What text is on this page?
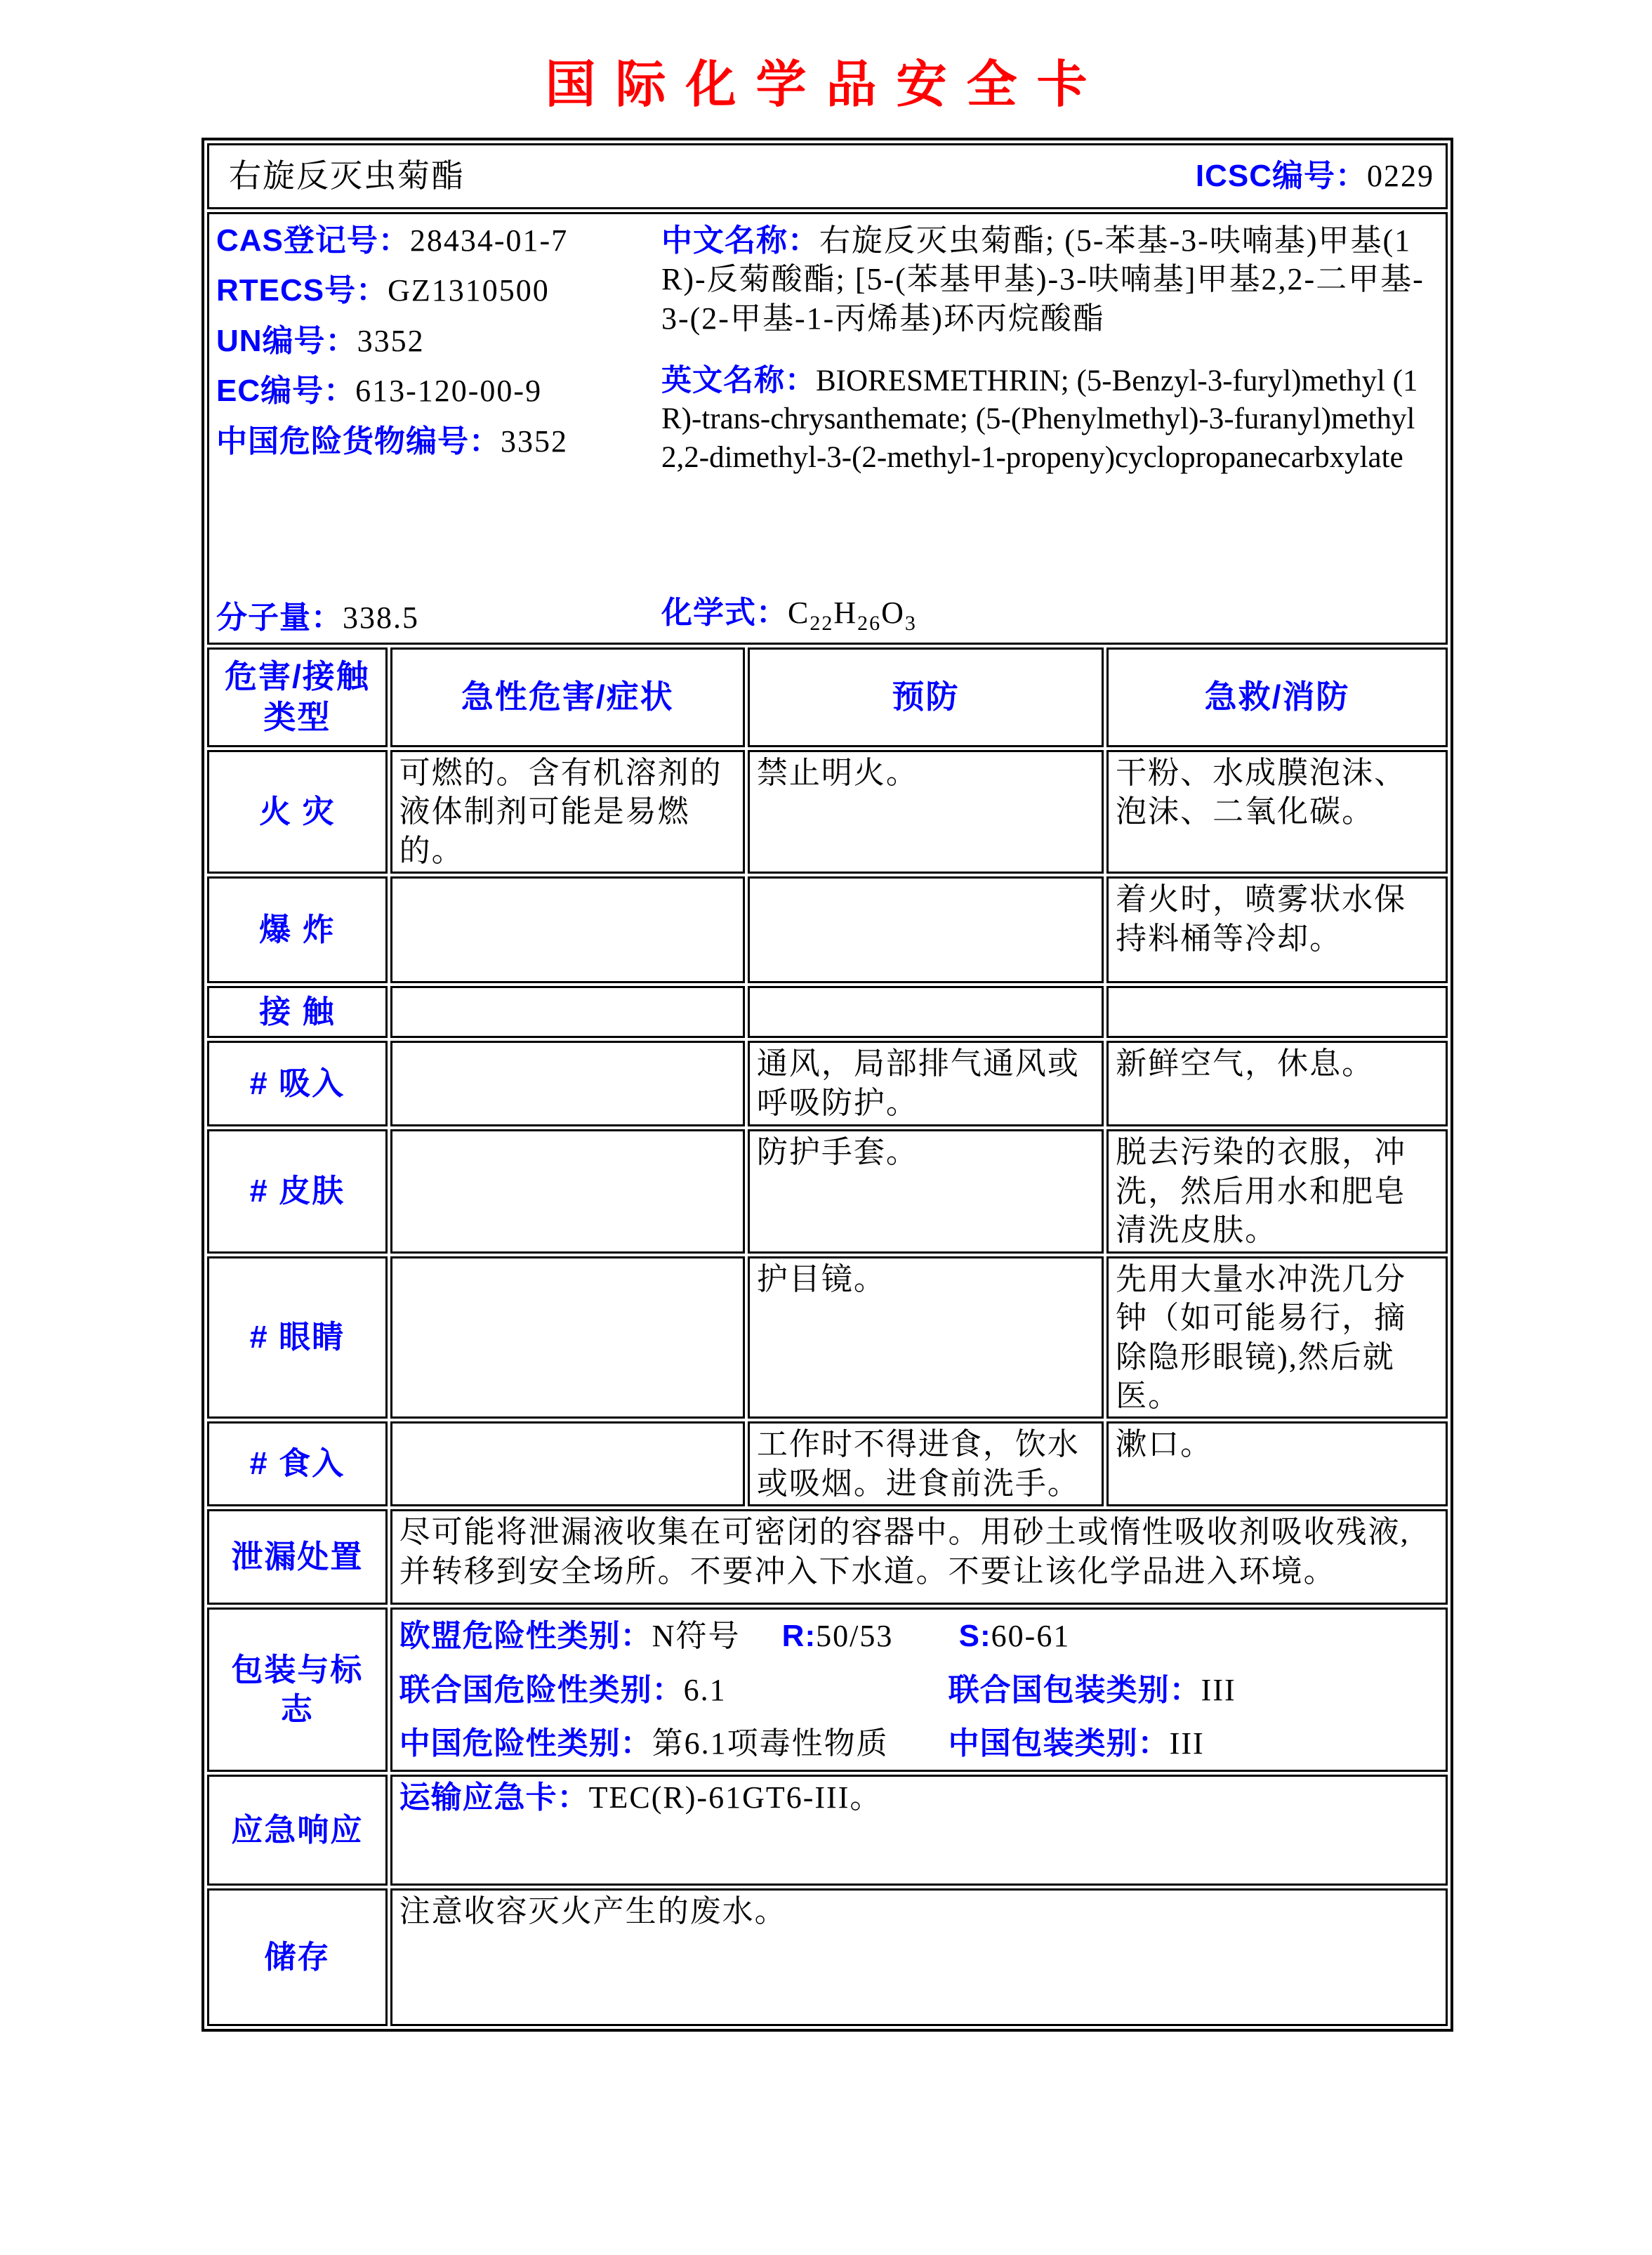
国际化学品安全卡
右旋反灭虫菊酯 ICSC编号：0229			

CAS登记号：28434-01-7
RTECS号：GZ1310500
UN编号：3352
EC编号：613-120-00-9
中国危险货物编号：3352
分子量：338.5

中文名称：右旋反灭虫菊酯; (5-苯基-3-呋喃基)甲基(1R)-反菊酸酯; [5-(苯基甲基)-3-呋喃基]甲基2,2-二甲基-3-(2-甲基-1-丙烯基)环丙烷酸酯

英文名称：BIORESMETHRIN; (5-Benzyl-3-furyl)methyl (1R)-trans-chrysanthemate; (5-(Phenylmethyl)-3-furanyl)methyl 2,2-dimethyl-3-(2-methyl-1-propeny)cyclopropanecarbxylate

化学式：$C_{22}H_{26}O_3$

危害/接触类型	急性危害/症状	预防	急救/消防
火 灾	可燃的。含有机溶剂的液体制剂可能是易燃的。	禁止明火。	干粉、水成膜泡沫、泡沫、二氧化碳。
爆 炸			着火时，喷雾状水保持料桶等冷却。
接 触			
# 吸入		通风，局部排气通风或呼吸防护。	新鲜空气，休息。
# 皮肤		防护手套。	脱去污染的衣服，冲洗，然后用水和肥皂清洗皮肤。
# 眼睛		护目镜。	先用大量水冲洗几分钟（如可能易行，摘除隐形眼镜),然后就医。
# 食入		工作时不得进食，饮水或吸烟。进食前洗手。	漱口。
泄漏处置	尽可能将泄漏液收集在可密闭的容器中。用砂土或惰性吸收剂吸收残液,并转移到安全场所。不要冲入下水道。不要让该化学品进入环境。		
包装与标志	欧盟危险性类别：N符号 R:50/53 S:60-61
联合国危险性类别：6.1 联合国包装类别：III
中国危险性类别：第6.1项毒性物质 中国包装类别：III		

应急响应	运输应急卡：TEC(R)-61GT6-III。		

储存	注意收容灭火产生的废水。		
